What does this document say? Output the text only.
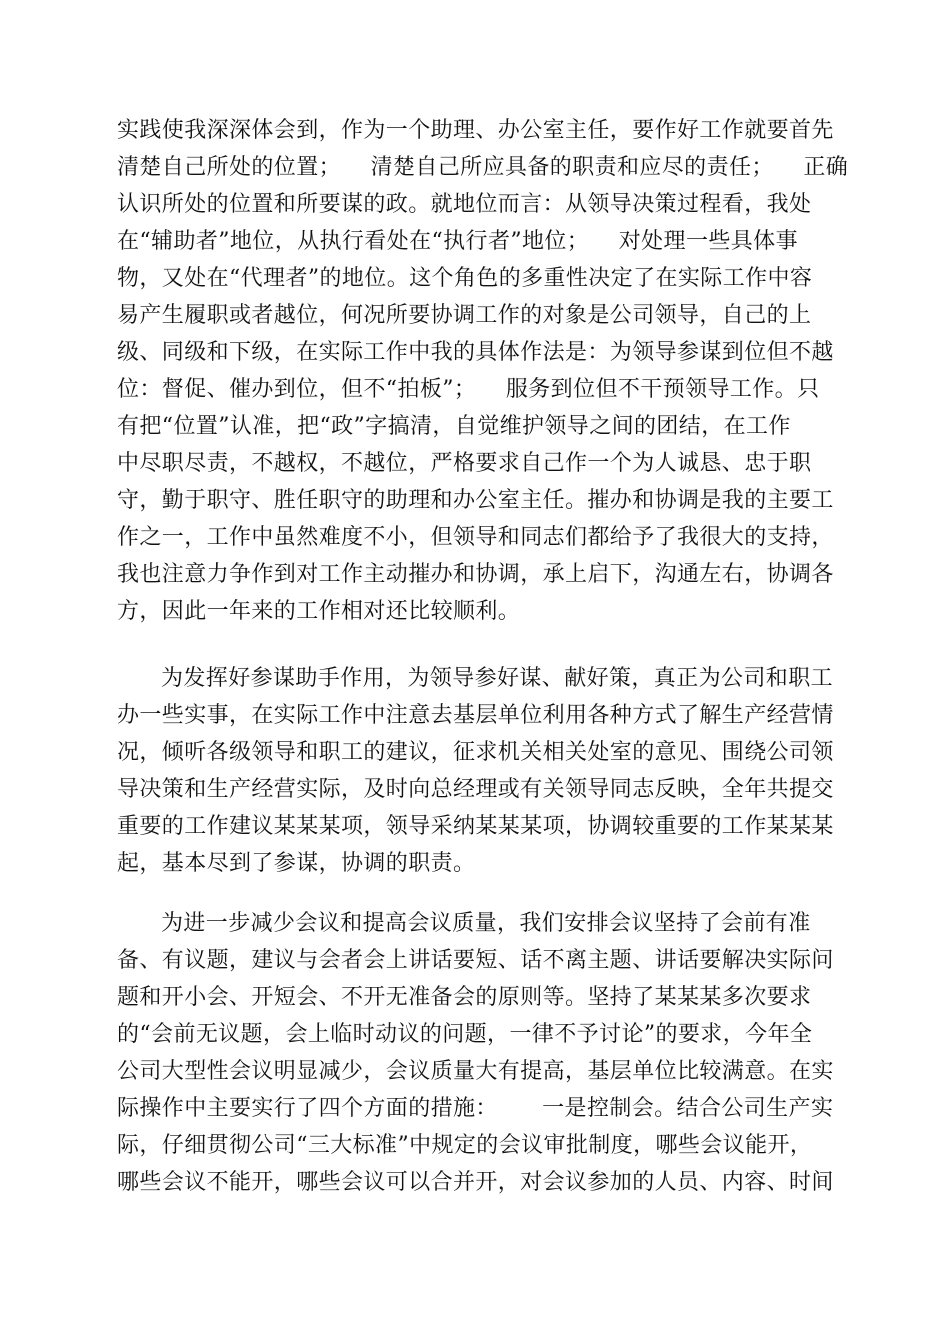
实践使我深深体会到，作为一个助理、办公室主任，要作好工作就要首先
清楚自己所处的位置；    清楚自己所应具备的职责和应尽的责任；    正确
认识所处的位置和所要谋的政。就地位而言：从领导决策过程看，我处
在“辅助者”地位，从执行看处在“执行者”地位；    对处理一些具体事
物，又处在“代理者”的地位。这个角色的多重性决定了在实际工作中容
易产生履职或者越位，何况所要协调工作的对象是公司领导，自己的上
级、同级和下级，在实际工作中我的具体作法是：为领导参谋到位但不越
位：督促、催办到位，但不“拍板”；    服务到位但不干预领导工作。只
有把“位置”认准，把“政”字搞清，自觉维护领导之间的团结，在工作
中尽职尽责，不越权，不越位，严格要求自己作一个为人诚恳、忠于职
守，勤于职守、胜任职守的助理和办公室主任。摧办和协调是我的主要工
作之一，工作中虽然难度不小，但领导和同志们都给予了我很大的支持，
我也注意力争作到对工作主动摧办和协调，承上启下，沟通左右，协调各
方，因此一年来的工作相对还比较顺利。
为发挥好参谋助手作用，为领导参好谋、献好策，真正为公司和职工
办一些实事，在实际工作中注意去基层单位利用各种方式了解生产经营情
况，倾听各级领导和职工的建议，征求机关相关处室的意见、围绕公司领
导决策和生产经营实际，及时向总经理或有关领导同志反映，全年共提交
重要的工作建议某某某项，领导采纳某某某项，协调较重要的工作某某某
起，基本尽到了参谋，协调的职责。
为进一步减少会议和提高会议质量，我们安排会议坚持了会前有准
备、有议题，建议与会者会上讲话要短、话不离主题、讲话要解决实际问
题和开小会、开短会、不开无准备会的原则等。坚持了某某某多次要求
的“会前无议题，会上临时动议的问题，一律不予讨论”的要求，今年全
公司大型性会议明显减少，会议质量大有提高，基层单位比较满意。在实
际操作中主要实行了四个方面的措施：      一是控制会。结合公司生产实
际，仔细贯彻公司“三大标准”中规定的会议审批制度，哪些会议能开，
哪些会议不能开，哪些会议可以合并开，对会议参加的人员、内容、时间
